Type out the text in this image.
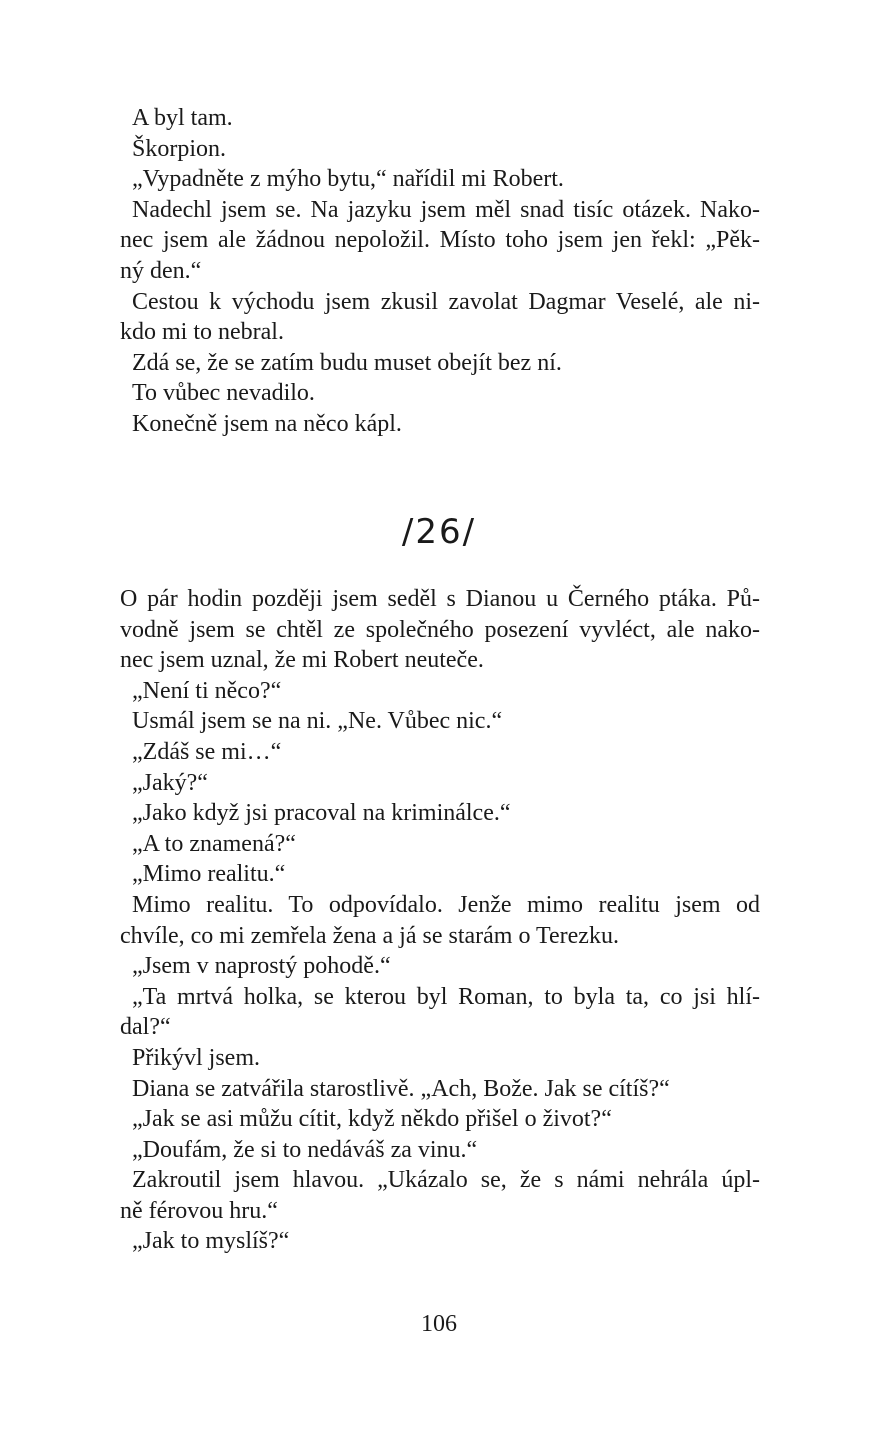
A byl tam.
Škorpion.
„Vypadněte z mýho bytu,“ nařídil mi Robert.
Nadechl jsem se. Na jazyku jsem měl snad tisíc otázek. Nako-
nec jsem ale žádnou nepoložil. Místo toho jsem jen řekl: „Pěk-
ný den.“
Cestou k východu jsem zkusil zavolat Dagmar Veselé, ale ni-
kdo mi to nebral.
Zdá se, že se zatím budu muset obejít bez ní.
To vůbec nevadilo.
Konečně jsem na něco kápl.
/26/
O pár hodin později jsem seděl s Dianou u Černého ptáka. Pů-
vodně jsem se chtěl ze společného posezení vyvléct, ale nako-
nec jsem uznal, že mi Robert neuteče.
„Není ti něco?“
Usmál jsem se na ni. „Ne. Vůbec nic.“
„Zdáš se mi…“
„Jaký?“
„Jako když jsi pracoval na kriminálce.“
„A to znamená?“
„Mimo realitu.“
Mimo realitu. To odpovídalo. Jenže mimo realitu jsem od
chvíle, co mi zemřela žena a já se starám o Terezku.
„Jsem v naprostý pohodě.“
„Ta mrtvá holka, se kterou byl Roman, to byla ta, co jsi hlí-
dal?“
Přikývl jsem.
Diana se zatvářila starostlivě. „Ach, Bože. Jak se cítíš?“
„Jak se asi můžu cítit, když někdo přišel o život?“
„Doufám, že si to nedáváš za vinu.“
Zakroutil jsem hlavou. „Ukázalo se, že s námi nehrála úpl-
ně férovou hru.“
„Jak to myslíš?“
106
